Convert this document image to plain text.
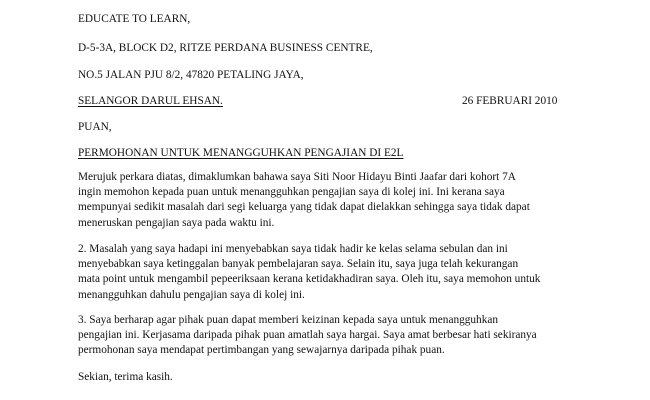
EDUCATE TO LEARN,
D-5-3A, BLOCK D2, RITZE PERDANA BUSINESS CENTRE,
NO.5 JALAN PJU 8/2, 47820 PETALING JAYA,
SELANGOR DARUL EHSAN.	26 FEBRUARI 2010
PUAN,
PERMOHONAN UNTUK MENANGGUHKAN PENGAJIAN DI E2L

Merujuk perkara diatas, dimaklumkan bahawa saya Siti Noor Hidayu Binti Jaafar dari kohort 7A

ingin memohon kepada puan untuk menangguhkan pengajian saya di kolej ini. Ini kerana saya

mempunyai sedikit masalah dari segi keluarga yang tidak dapat dielakkan sehingga saya tidak dapat

meneruskan pengajian saya pada waktu ini.

2. Masalah yang saya hadapi ini menyebabkan saya tidak hadir ke kelas selama sebulan dan ini

menyebabkan saya ketinggalan banyak pembelajaran saya. Selain itu, saya juga telah kekurangan

mata point untuk mengambil pepeeriksaan kerana ketidakhadiran saya. Oleh itu, saya memohon untuk

menangguhkan dahulu pengajian saya di kolej ini.

3. Saya berharap agar pihak puan dapat memberi keizinan kepada saya untuk menangguhkan

pengajian ini. Kerjasama daripada pihak puan amatlah saya hargai. Saya amat berbesar hati sekiranya

permohonan saya mendapat pertimbangan yang sewajarnya daripada pihak puan.

Sekian, terima kasih.
